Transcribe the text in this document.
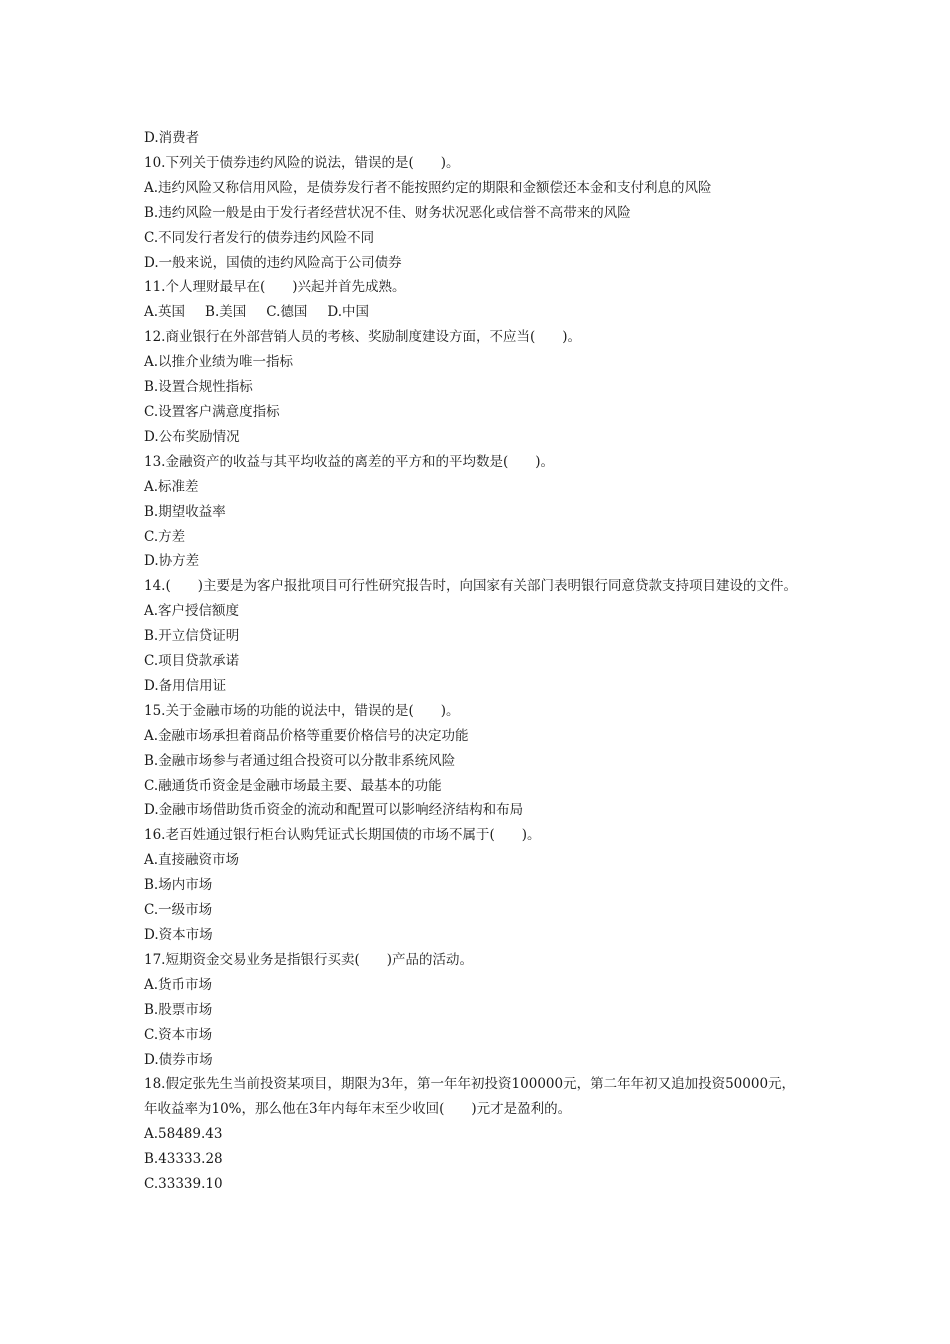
D.消费者

10.下列关于债券违约风险的说法，错误的是(　　)。

A.违约风险又称信用风险，是债券发行者不能按照约定的期限和金额偿还本金和支付利息的风险

B.违约风险一般是由于发行者经营状况不佳、财务状况恶化或信誉不高带来的风险

C.不同发行者发行的债券违约风险不同

D.一般来说，国债的违约风险高于公司债券

11.个人理财最早在(　　)兴起并首先成熟。

A.英国 B.美国 C.德国 D.中国

12.商业银行在外部营销人员的考核、奖励制度建设方面，不应当(　　)。

A.以推介业绩为唯一指标

B.设置合规性指标

C.设置客户满意度指标

D.公布奖励情况

13.金融资产的收益与其平均收益的离差的平方和的平均数是(　　)。

A.标准差

B.期望收益率

C.方差

D.协方差

14.(　　)主要是为客户报批项目可行性研究报告时，向国家有关部门表明银行同意贷款支持项目建设的文件。

A.客户授信额度

B.开立信贷证明

C.项目贷款承诺

D.备用信用证

15.关于金融市场的功能的说法中，错误的是(　　)。

A.金融市场承担着商品价格等重要价格信号的决定功能

B.金融市场参与者通过组合投资可以分散非系统风险

C.融通货币资金是金融市场最主要、最基本的功能

D.金融市场借助货币资金的流动和配置可以影响经济结构和布局

16.老百姓通过银行柜台认购凭证式长期国债的市场不属于(　　)。

A.直接融资市场

B.场内市场

C.一级市场

D.资本市场

17.短期资金交易业务是指银行买卖(　　)产品的活动。

A.货币市场

B.股票市场

C.资本市场

D.债券市场

18.假定张先生当前投资某项目，期限为3年，第一年年初投资100000元，第二年年初又追加投资50000元，年收益率为10%，那么他在3年内每年末至少收回(　　)元才是盈利的。

A.58489.43

B.43333.28

C.33339.10
